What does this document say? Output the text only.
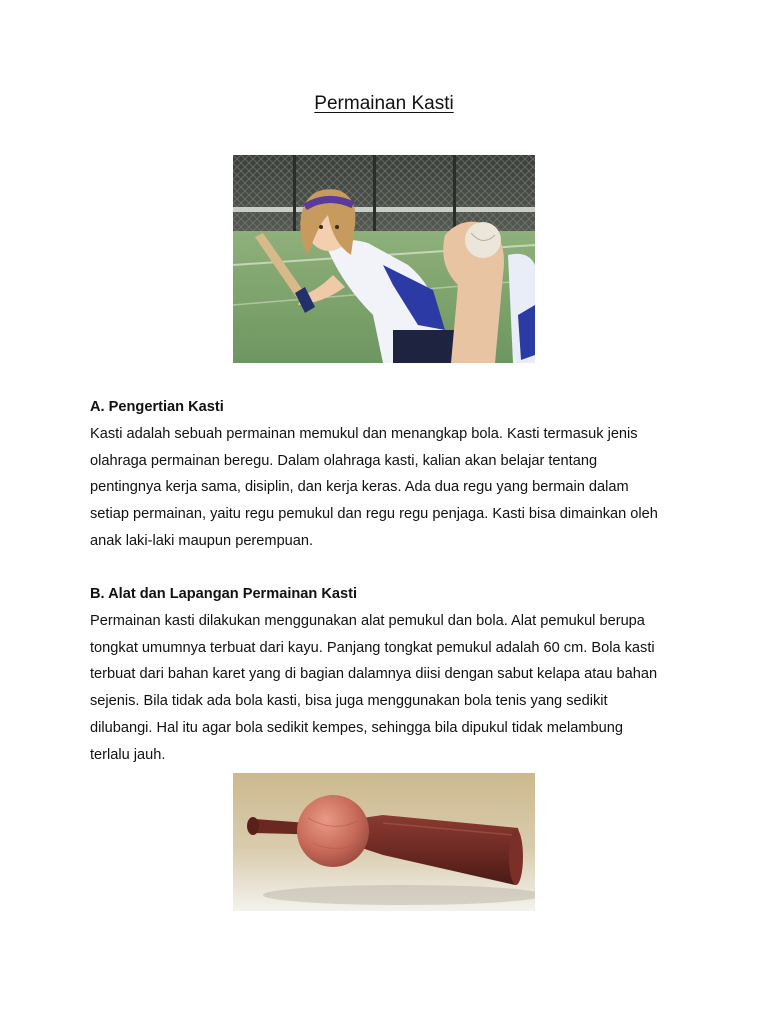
Permainan Kasti
A. Pengertian Kasti
Kasti adalah sebuah permainan memukul dan menangkap bola. Kasti termasuk jenis
olahraga permainan beregu. Dalam olahraga kasti, kalian akan belajar tentang
pentingnya kerja sama, disiplin, dan kerja keras. Ada dua regu yang bermain dalam
setiap permainan, yaitu regu pemukul dan regu regu penjaga. Kasti bisa dimainkan oleh
anak laki-laki maupun perempuan.
B. Alat dan Lapangan Permainan Kasti
Permainan kasti dilakukan menggunakan alat pemukul dan bola. Alat pemukul berupa
tongkat umumnya terbuat dari kayu. Panjang tongkat pemukul adalah 60 cm. Bola kasti
terbuat dari bahan karet yang di bagian dalamnya diisi dengan sabut kelapa atau bahan
sejenis. Bila tidak ada bola kasti, bisa juga menggunakan bola tenis yang sedikit
dilubangi. Hal itu agar bola sedikit kempes, sehingga bila dipukul tidak melambung
terlalu jauh.
